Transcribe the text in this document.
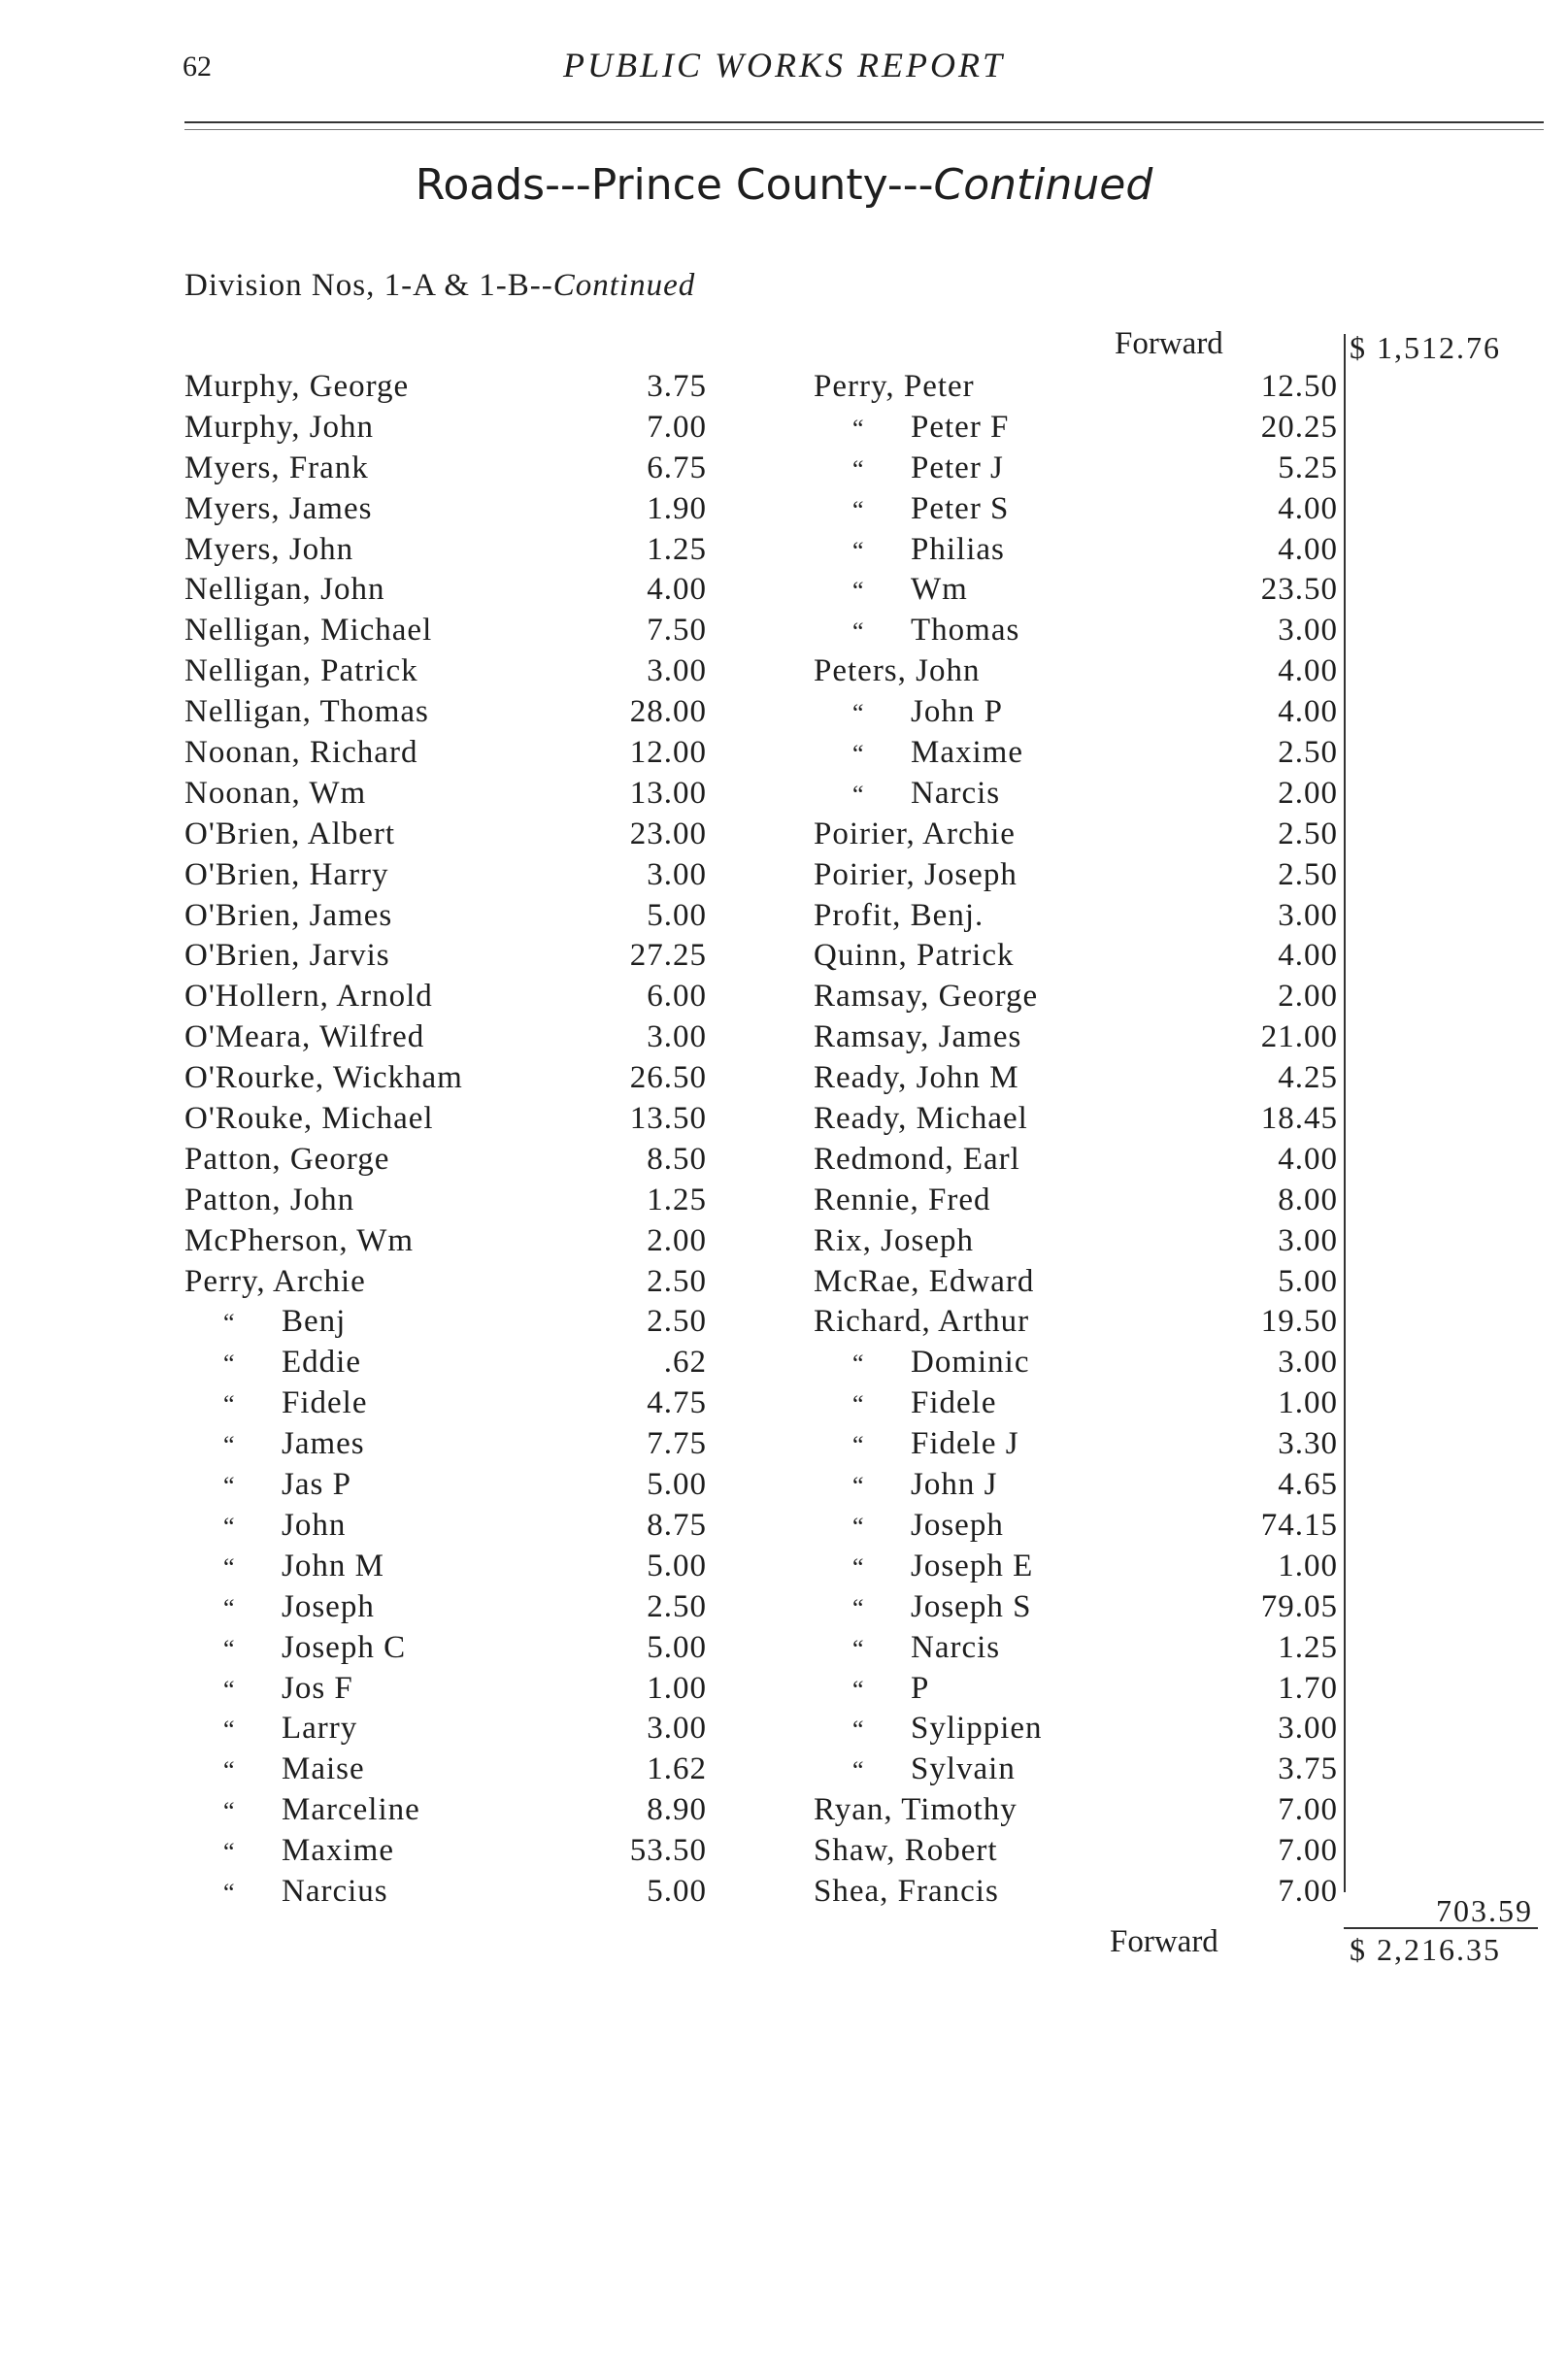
62	PUBLIC WORKS REPORT
Roads---Prince County---Continued
Division Nos, 1-A & 1-B--Continued
Forward	$ 1,512.76
Murphy, George	3.75
Murphy, John	7.00
Myers, Frank	6.75
Myers, James	1.90
Myers, John	1.25
Nelligan, John	4.00
Nelligan, Michael	7.50
Nelligan, Patrick	3.00
Nelligan, Thomas	28.00
Noonan, Richard	12.00
Noonan, Wm	13.00
O'Brien, Albert	23.00
O'Brien, Harry	3.00
O'Brien, James	5.00
O'Brien, Jarvis	27.25
O'Hollern, Arnold	6.00
O'Meara, Wilfred	3.00
O'Rourke, Wickham	26.50
O'Rouke, Michael	13.50
Patton, George	8.50
Patton, John	1.25
McPherson, Wm	2.00
Perry, Archie	2.50
“ Benj	2.50
“ Eddie	.62
“ Fidele	4.75
“ James	7.75
“ Jas P	5.00
“ John	8.75
“ John M	5.00
“ Joseph	2.50
“ Joseph C	5.00
“ Jos F	1.00
“ Larry	3.00
“ Maise	1.62
“ Marceline	8.90
“ Maxime	53.50
“ Narcius	5.00
Perry, Peter	12.50
“ Peter F	20.25
“ Peter J	5.25
“ Peter S	4.00
“ Philias	4.00
“ Wm	23.50
“ Thomas	3.00
Peters, John	4.00
“ John P	4.00
“ Maxime	2.50
“ Narcis	2.00
Poirier, Archie	2.50
Poirier, Joseph	2.50
Profit, Benj.	3.00
Quinn, Patrick	4.00
Ramsay, George	2.00
Ramsay, James	21.00
Ready, John M	4.25
Ready, Michael	18.45
Redmond, Earl	4.00
Rennie, Fred	8.00
Rix, Joseph	3.00
McRae, Edward	5.00
Richard, Arthur	19.50
“ Dominic	3.00
“ Fidele	1.00
“ Fidele J	3.30
“ John J	4.65
“ Joseph	74.15
“ Joseph E	1.00
“ Joseph S	79.05
“ Narcis	1.25
“ P	1.70
“ Sylippien	3.00
“ Sylvain	3.75
Ryan, Timothy	7.00
Shaw, Robert	7.00
Shea, Francis	7.00
703.59
Forward	$ 2,216.35
